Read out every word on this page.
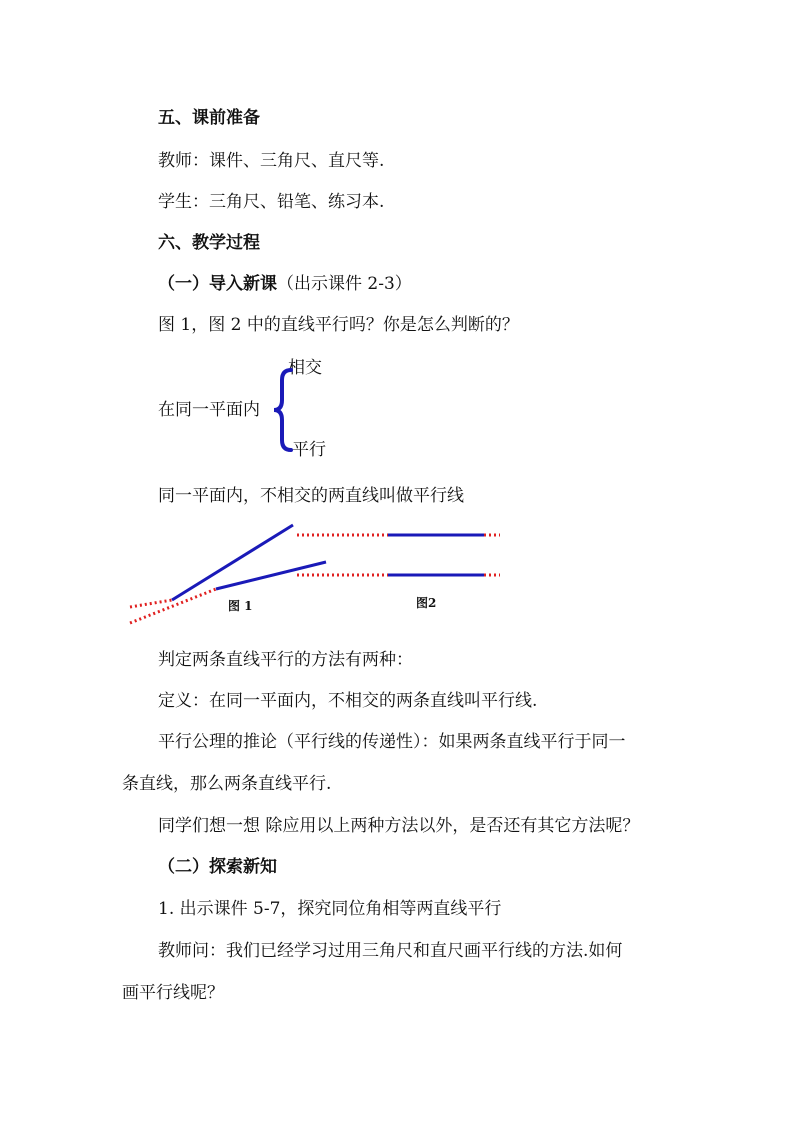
五、课前准备
教师：课件、三角尺、直尺等.
学生：三角尺、铅笔、练习本.
六、教学过程
（一）导入新课（出示课件 2-3）
图 1，图 2 中的直线平行吗？你是怎么判断的？
在同一平面内
相交
平行
图 1	图2
同一平面内，不相交的两直线叫做平行线
判定两条直线平行的方法有两种：
定义：在同一平面内，不相交的两条直线叫平行线.
平行公理的推论（平行线的传递性）：如果两条直线平行于同一
条直线，那么两条直线平行.
同学们想一想 除应用以上两种方法以外，是否还有其它方法呢？
（二）探索新知
1. 出示课件 5-7，探究同位角相等两直线平行
教师问：我们已经学习过用三角尺和直尺画平行线的方法.如何
画平行线呢？
